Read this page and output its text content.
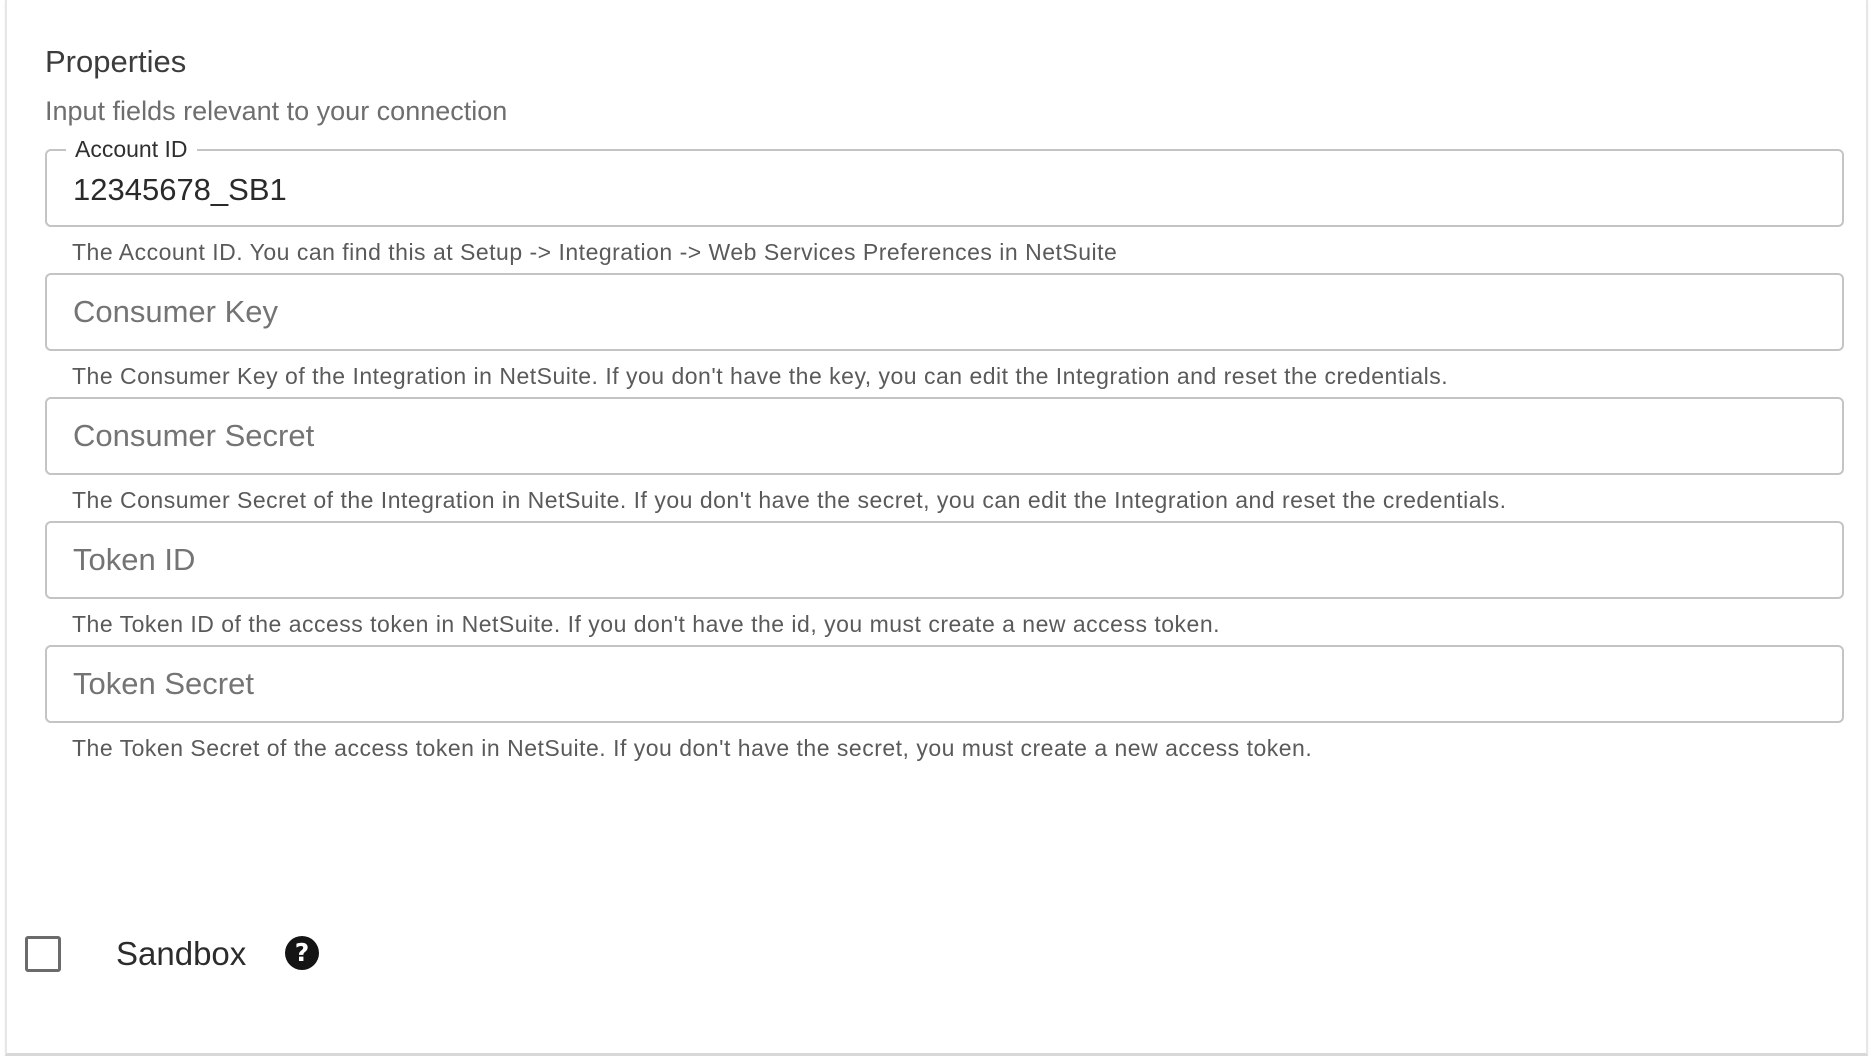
Properties
Input fields relevant to your connection
Account ID
12345678_SB1
The Account ID. You can find this at Setup -> Integration -> Web Services Preferences in NetSuite
Consumer Key
The Consumer Key of the Integration in NetSuite. If you don't have the key, you can edit the Integration and reset the credentials.
Consumer Secret
The Consumer Secret of the Integration in NetSuite. If you don't have the secret, you can edit the Integration and reset the credentials.
Token ID
The Token ID of the access token in NetSuite. If you don't have the id, you must create a new access token.
Token Secret
The Token Secret of the access token in NetSuite. If you don't have the secret, you must create a new access token.
Sandbox	?
